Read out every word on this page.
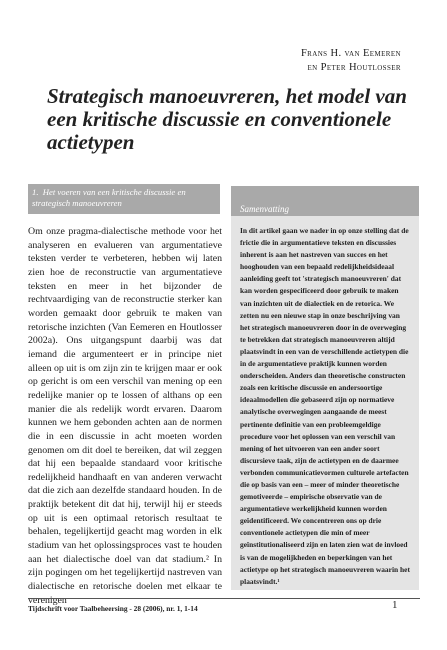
Frans H. van Eemeren
en Peter Houtlosser
Strategisch manoeuvreren, het model van een kritische discussie en conventionele actietypen
1. Het voeren van een kritische discussie en strategisch manoeuvreren

Om onze pragma-dialectische methode voor het analyseren en evalueren van argumentatieve teksten verder te verbeteren, hebben wij laten zien hoe de reconstructie van argumentatieve teksten en meer in het bijzonder de rechtvaardiging van de reconstructie sterker kan worden gemaakt door gebruik te maken van retorische inzichten (Van Eemeren en Houtlosser 2002a). Ons uitgangspunt daarbij was dat iemand die argumenteert er in principe niet alleen op uit is om zijn zin te krijgen maar er ook op gericht is om een verschil van mening op een redelijke manier op te lossen of althans op een manier die als redelijk wordt ervaren. Daarom kunnen we hem gebonden achten aan de normen die in een discussie in acht moeten worden genomen om dit doel te bereiken, dat wil zeggen dat hij een bepaalde standaard voor kritische redelijkheid handhaaft en van anderen verwacht dat die zich aan dezelfde standaard houden. In de praktijk betekent dit dat hij, terwijl hij er steeds op uit is een optimaal retorisch resultaat te behalen, tegelijkertijd geacht mag worden in elk stadium van het oplossingsproces vast te houden aan het dialectische doel van dat stadium.² In zijn pogingen om het tegelijkertijd nastreven van dialectische en retorische doelen met elkaar te verenigen

Samenvatting
In dit artikel gaan we nader in op onze stelling dat de frictie die in argumentatieve teksten en discussies inherent is aan het nastreven van succes en het hooghouden van een bepaald redelijkheidsideaal aanleiding geeft tot 'strategisch manoeuvreren' dat kan worden gespecificeerd door gebruik te maken van inzichten uit de dialectiek en de retorica. We zetten nu een nieuwe stap in onze beschrijving van het strategisch manoeuvreren door in de overweging te betrekken dat strategisch manoeuvreren altijd plaatsvindt in een van de verschillende actietypen die in de argumentatieve praktijk kunnen worden onderscheiden. Anders dan theoretische constructen zoals een kritische discussie en andersoortige ideaalmodellen die gebaseerd zijn op normatieve analytische overwegingen aangaande de meest pertinente definitie van een probleemgeldige procedure voor het oplossen van een verschil van mening of het uitvoeren van een ander soort discursieve taak, zijn de actietypen en de daarmee verbonden communicatievormen culturele artefacten die op basis van een – meer of minder theoretische gemotiveerde – empirische observatie van de argumentatieve werkelijkheid kunnen worden geïdentificeerd. We concentreren ons op drie conventionele actietypen die min of meer geïnstitutionaliseerd zijn en laten zien wat de invloed is van de mogelijkheden en beperkingen van het actietype op het strategisch manoeuvreren waarin het plaatsvindt.¹
Tijdschrift voor Taalbeheersing - 28 (2006), nr. 1, 1-14	1
